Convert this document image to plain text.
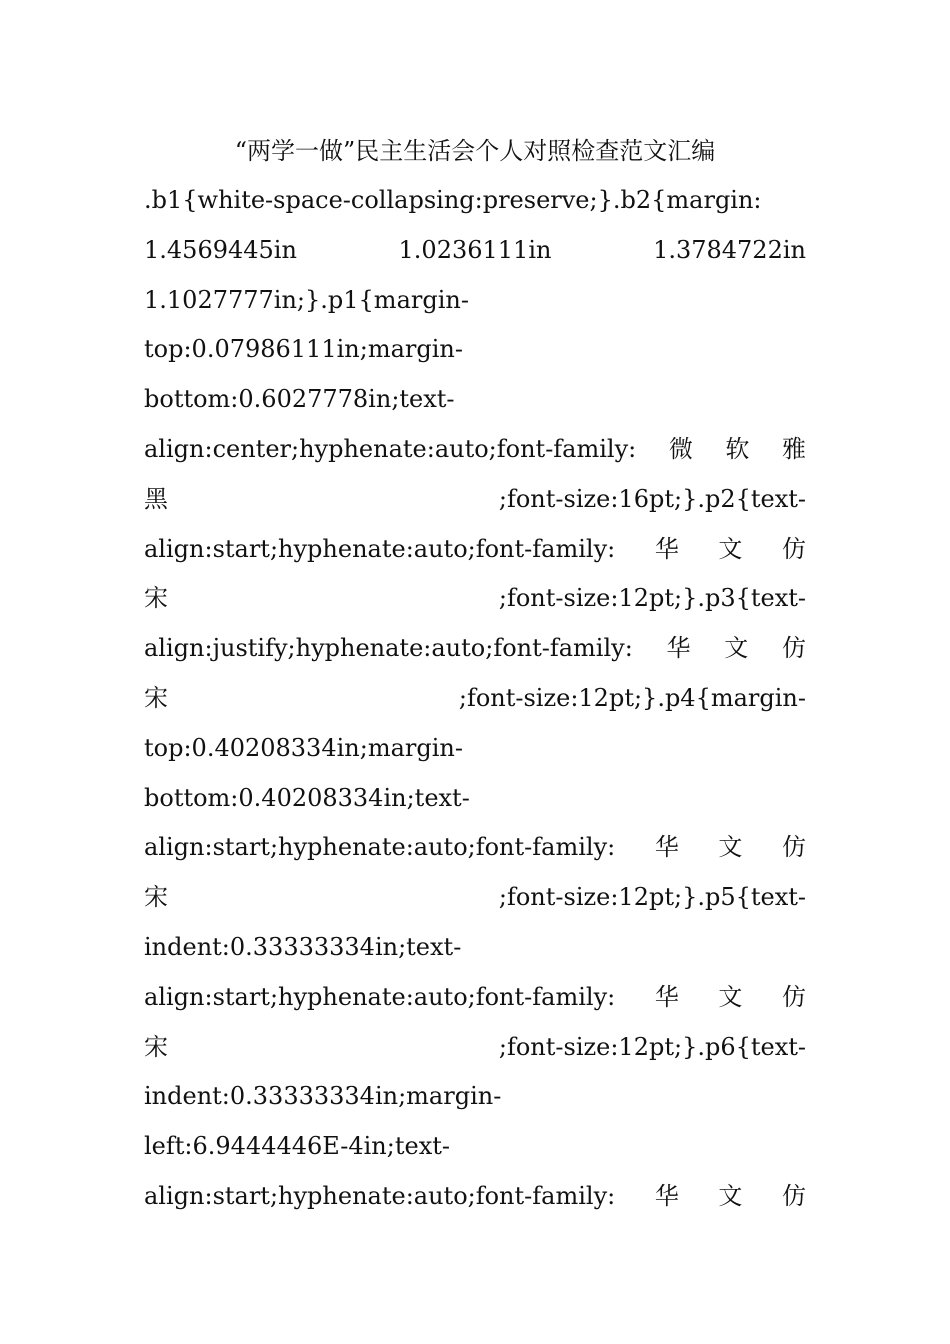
“两学一做”民主生活会个人对照检查范文汇编
.b1{white-space-collapsing:preserve;}.b2{margin:
1.4569445in	1.0236111in	1.3784722in
1.1027777in;}.p1{margin-
top:0.07986111in;margin-
bottom:0.6027778in;text-
align:center;hyphenate:auto;font-family: 微 软 雅
黑	;font-size:16pt;}.p2{text-
align:start;hyphenate:auto;font-family: 华 文 仿
宋	;font-size:12pt;}.p3{text-
align:justify;hyphenate:auto;font-family: 华 文 仿
宋	;font-size:12pt;}.p4{margin-
top:0.40208334in;margin-
bottom:0.40208334in;text-
align:start;hyphenate:auto;font-family: 华 文 仿
宋	;font-size:12pt;}.p5{text-
indent:0.33333334in;text-
align:start;hyphenate:auto;font-family: 华 文 仿
宋	;font-size:12pt;}.p6{text-
indent:0.33333334in;margin-
left:6.9444446E-4in;text-
align:start;hyphenate:auto;font-family: 华 文 仿
